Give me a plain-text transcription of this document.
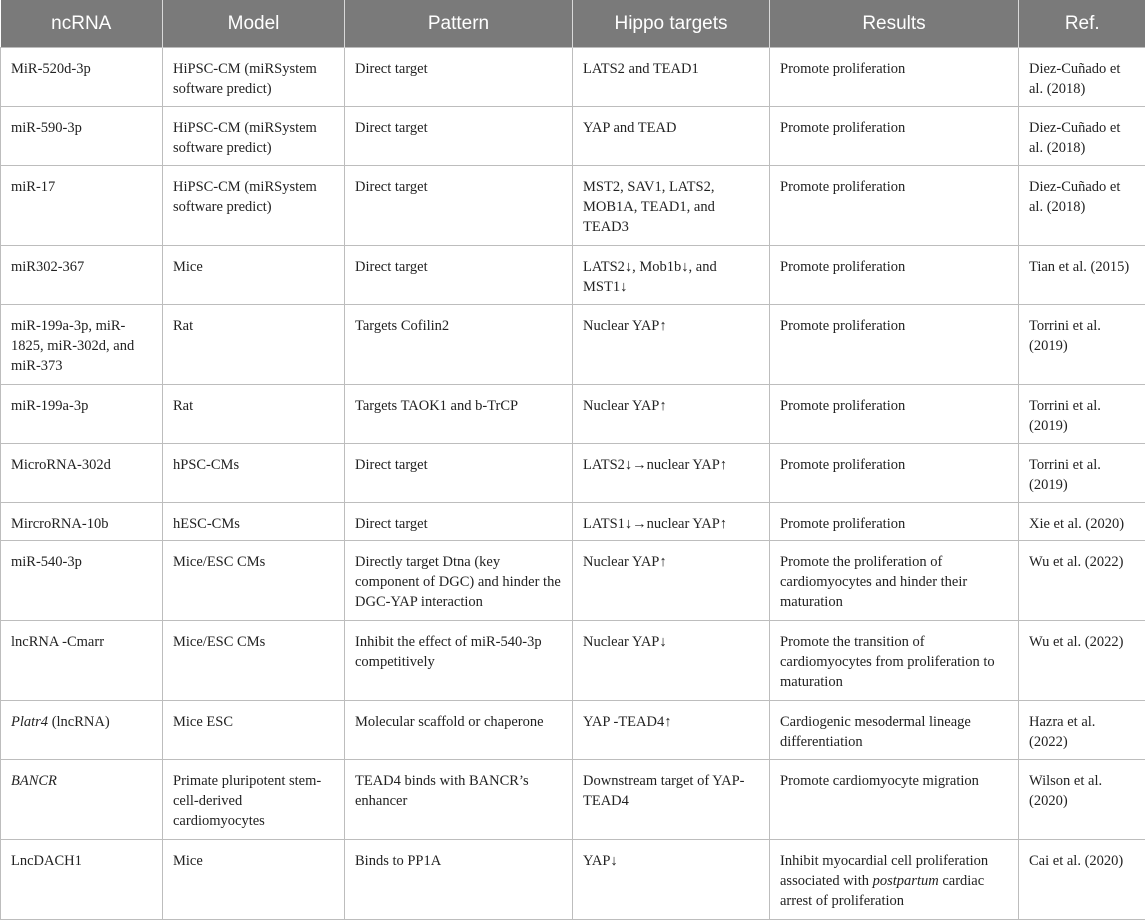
ncRNA	Model	Pattern	Hippo targets	Results	Ref.
MiR-520d-3p	HiPSC-CM (miRSystem software predict)	Direct target	LATS2 and TEAD1	Promote proliferation	Diez-Cuñado et al. (2018)
miR-590-3p	HiPSC-CM (miRSystem software predict)	Direct target	YAP and TEAD	Promote proliferation	Diez-Cuñado et al. (2018)
miR-17	HiPSC-CM (miRSystem software predict)	Direct target	MST2, SAV1, LATS2, MOB1A, TEAD1, and TEAD3	Promote proliferation	Diez-Cuñado et al. (2018)
miR302-367	Mice	Direct target	LATS2↓, Mob1b↓, and MST1↓	Promote proliferation	Tian et al. (2015)
miR-199a-3p, miR-1825, miR-302d, and miR-373	Rat	Targets Cofilin2	Nuclear YAP↑	Promote proliferation	Torrini et al. (2019)
miR-199a-3p	Rat	Targets TAOK1 and b-TrCP	Nuclear YAP↑	Promote proliferation	Torrini et al. (2019)
MicroRNA-302d	hPSC-CMs	Direct target	LATS2↓→nuclear YAP↑	Promote proliferation	Torrini et al. (2019)
MircroRNA-10b	hESC-CMs	Direct target	LATS1↓→nuclear YAP↑	Promote proliferation	Xie et al. (2020)
miR-540-3p	Mice/ESC CMs	Directly target Dtna (key component of DGC) and hinder the DGC-YAP interaction	Nuclear YAP↑	Promote the proliferation of cardiomyocytes and hinder their maturation	Wu et al. (2022)
lncRNA -Cmarr	Mice/ESC CMs	Inhibit the effect of miR-540-3p competitively	Nuclear YAP↓	Promote the transition of cardiomyocytes from proliferation to maturation	Wu et al. (2022)
Platr4 (lncRNA)	Mice ESC	Molecular scaffold or chaperone	YAP -TEAD4↑	Cardiogenic mesodermal lineage differentiation	Hazra et al. (2022)
BANCR	Primate pluripotent stem-cell-derived cardiomyocytes	TEAD4 binds with BANCR’s enhancer	Downstream target of YAP-TEAD4	Promote cardiomyocyte migration	Wilson et al. (2020)
LncDACH1	Mice	Binds to PP1A	YAP↓	Inhibit myocardial cell proliferation associated with postpartum cardiac arrest of proliferation	Cai et al. (2020)
